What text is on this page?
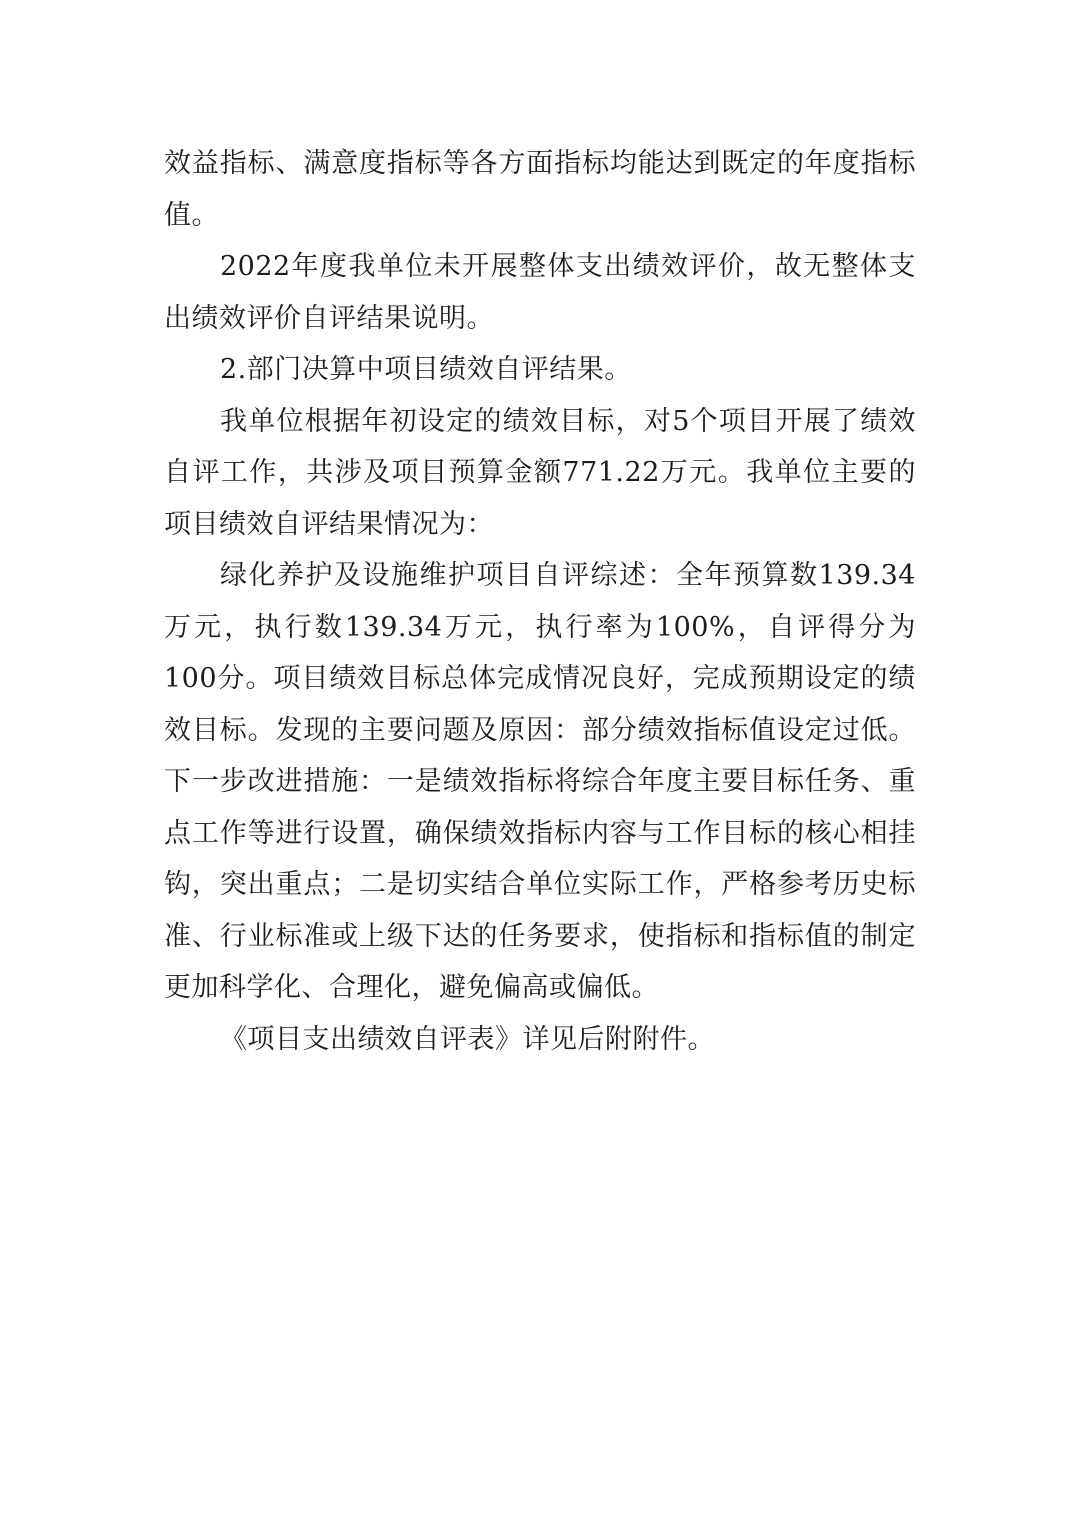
效益指标、满意度指标等各方面指标均能达到既定的年度指标值。

2022年度我单位未开展整体支出绩效评价，故无整体支出绩效评价自评结果说明。

2.部门决算中项目绩效自评结果。

我单位根据年初设定的绩效目标，对5个项目开展了绩效自评工作，共涉及项目预算金额771.22万元。我单位主要的项目绩效自评结果情况为：

绿化养护及设施维护项目自评综述：全年预算数139.34万元，执行数139.34万元，执行率为100%，自评得分为100分。项目绩效目标总体完成情况良好，完成预期设定的绩效目标。发现的主要问题及原因：部分绩效指标值设定过低。下一步改进措施：一是绩效指标将综合年度主要目标任务、重点工作等进行设置，确保绩效指标内容与工作目标的核心相挂钩，突出重点；二是切实结合单位实际工作，严格参考历史标准、行业标准或上级下达的任务要求，使指标和指标值的制定更加科学化、合理化，避免偏高或偏低。

《项目支出绩效自评表》详见后附附件。
